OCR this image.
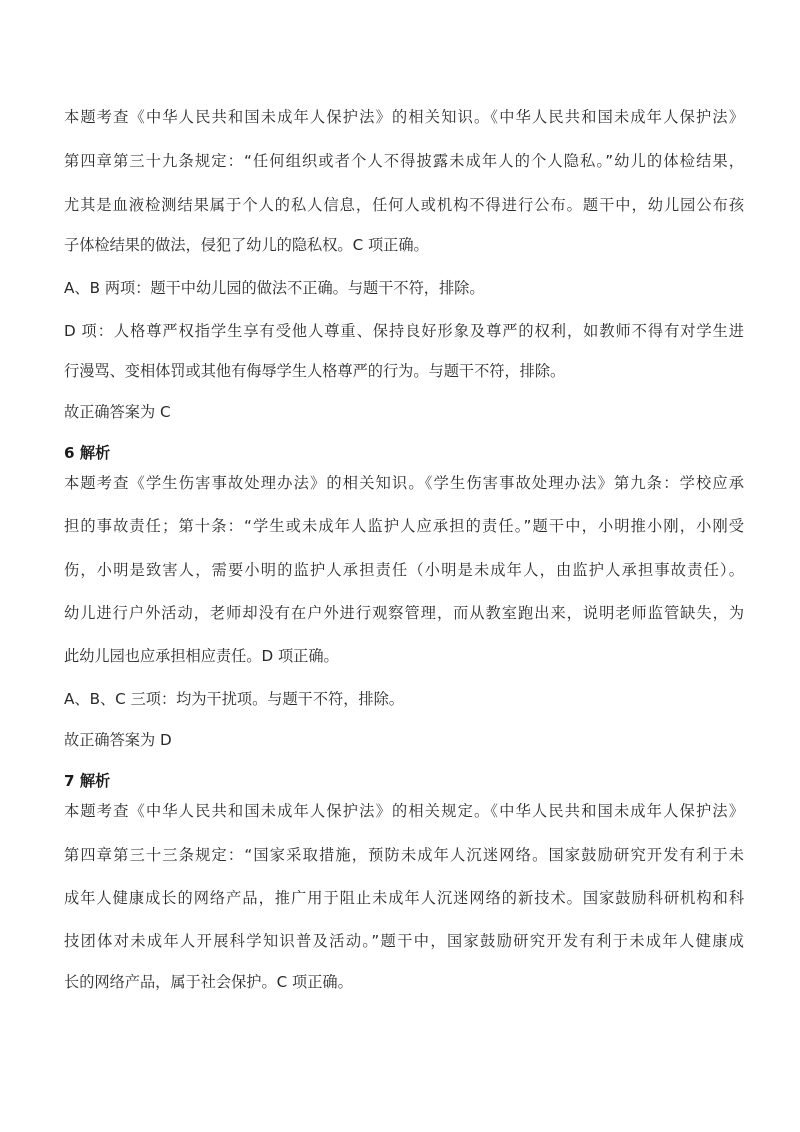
本题考查《中华人民共和国未成年人保护法》的相关知识。《中华人民共和国未成年人保护法》
第四章第三十九条规定：“任何组织或者个人不得披露未成年人的个人隐私。”幼儿的体检结果，
尤其是血液检测结果属于个人的私人信息，任何人或机构不得进行公布。题干中，幼儿园公布孩
子体检结果的做法，侵犯了幼儿的隐私权。C 项正确。
A、B 两项：题干中幼儿园的做法不正确。与题干不符，排除。
D 项：人格尊严权指学生享有受他人尊重、保持良好形象及尊严的权利，如教师不得有对学生进
行漫骂、变相体罚或其他有侮辱学生人格尊严的行为。与题干不符，排除。
故正确答案为 C
6 解析
本题考查《学生伤害事故处理办法》的相关知识。《学生伤害事故处理办法》第九条：学校应承
担的事故责任；第十条：“学生或未成年人监护人应承担的责任。”题干中，小明推小刚，小刚受
伤，小明是致害人，需要小明的监护人承担责任（小明是未成年人，由监护人承担事故责任）。
幼儿进行户外活动，老师却没有在户外进行观察管理，而从教室跑出来，说明老师监管缺失，为
此幼儿园也应承担相应责任。D 项正确。
A、B、C 三项：均为干扰项。与题干不符，排除。
故正确答案为 D
7 解析
本题考查《中华人民共和国未成年人保护法》的相关规定。《中华人民共和国未成年人保护法》
第四章第三十三条规定：“国家采取措施，预防未成年人沉迷网络。国家鼓励研究开发有利于未
成年人健康成长的网络产品，推广用于阻止未成年人沉迷网络的新技术。国家鼓励科研机构和科
技团体对未成年人开展科学知识普及活动。”题干中，国家鼓励研究开发有利于未成年人健康成
长的网络产品，属于社会保护。C 项正确。
